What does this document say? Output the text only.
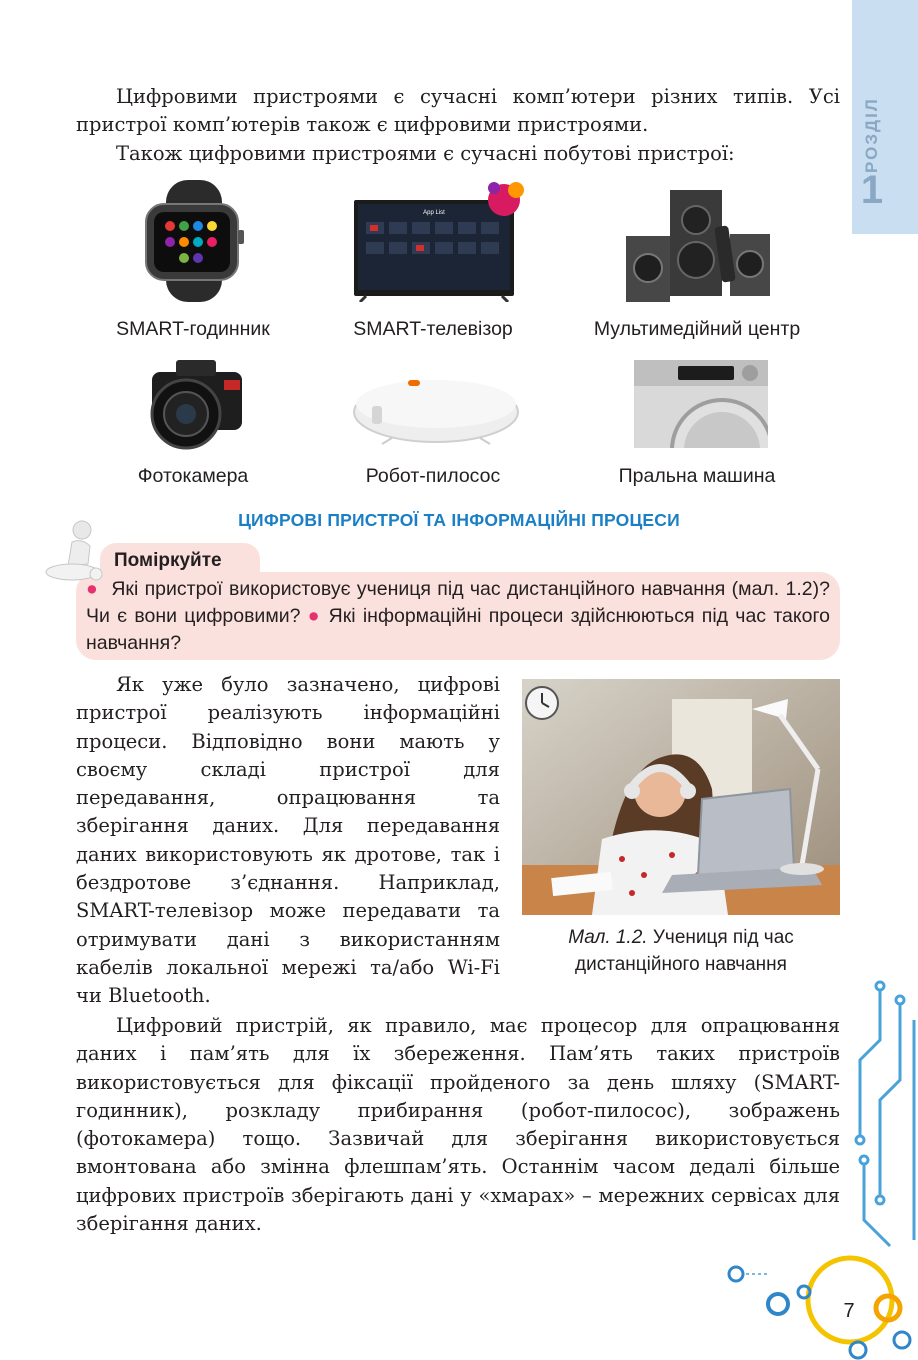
РОЗДІЛ
1

Цифровими пристроями є сучасні комп’ютери різних типів. Усі пристрої комп’ютерів також є цифровими пристроями.

Також цифровими пристроями є сучасні побутові пристрої:

App List
SMART-годинник	SMART-телевізор	Мультимедійний центр
Фотокамера	Робот-пилосос	Пральна машина
ЦИФРОВІ ПРИСТРОЇ ТА ІНФОРМАЦІЙНІ ПРОЦЕСИ
Поміркуйте

● Які пристрої використовує учениця під час дистанційного навчання (мал. 1.2)? Чи є вони цифровими? ● Які інформаційні процеси здійснюються під час такого навчання?

Мал. 1.2. Учениця під час дистанційного навчання

Як уже було зазначено, цифрові пристрої реалізують інформаційні процеси. Відповідно вони мають у своєму складі пристрої для передавання, опрацювання та зберігання даних. Для передавання даних використовують як дротове, так і бездротове з’єднання. Наприклад, SMART-телевізор може передавати та отримувати дані з використанням кабелів локальної мережі та/або Wi-Fi чи Bluetooth.

Цифровий пристрій, як правило, має процесор для опрацювання даних і пам’ять для їх збереження. Пам’ять таких пристроїв використовується для фіксації пройденого за день шляху (SMART-годинник), розкладу прибирання (робот-пилосос), зображень (фотокамера) тощо. Зазвичай для зберігання використовується вмонтована або змінна флешпам’ять. Останнім часом дедалі більше цифрових пристроїв зберігають дані у «хмарах» – мережних сервісах для зберігання даних.

7
